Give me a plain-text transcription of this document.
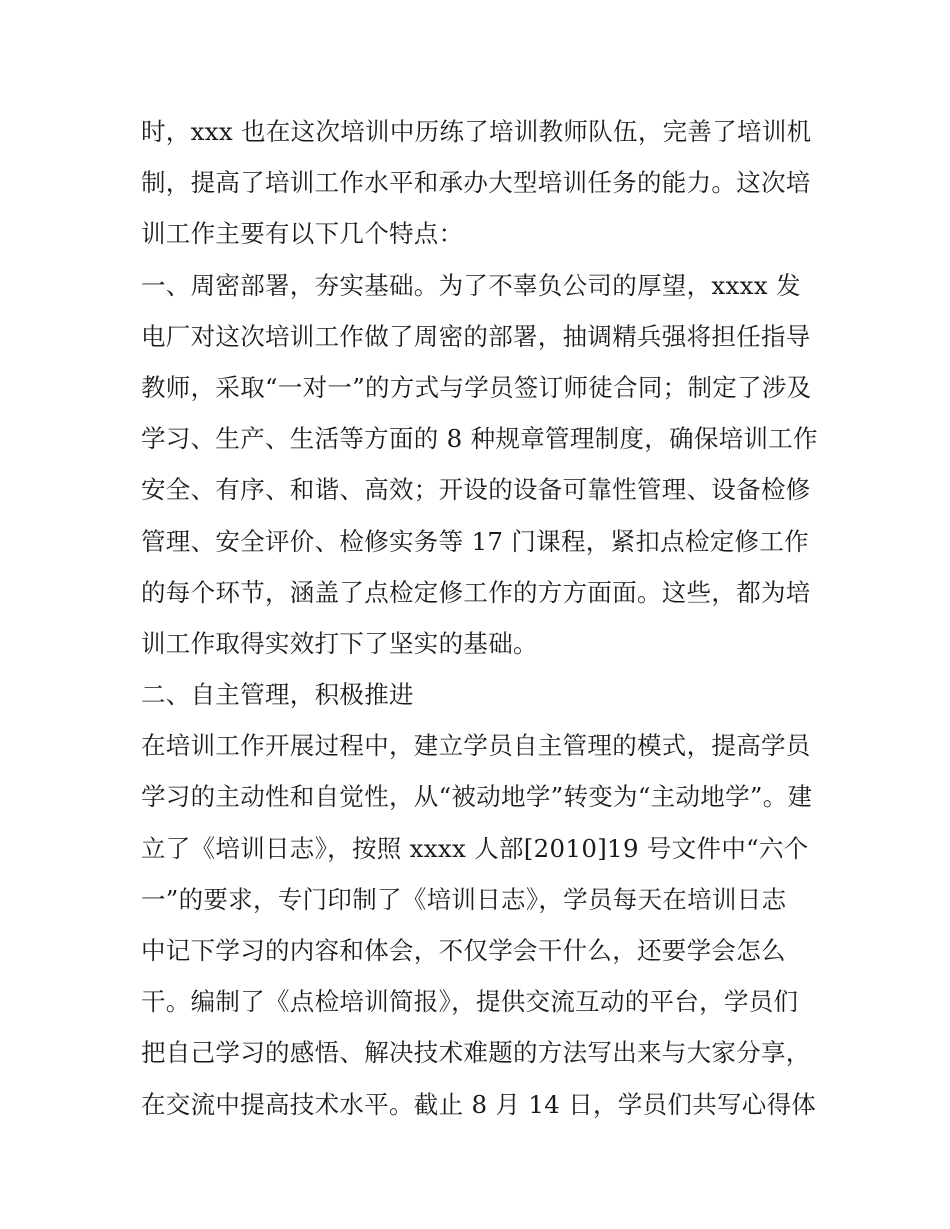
时，xxx 也在这次培训中历练了培训教师队伍，完善了培训机
制，提高了培训工作水平和承办大型培训任务的能力。这次培
训工作主要有以下几个特点：
一、周密部署，夯实基础。为了不辜负公司的厚望，xxxx 发
电厂对这次培训工作做了周密的部署，抽调精兵强将担任指导
教师，采取“一对一”的方式与学员签订师徒合同；制定了涉及
学习、生产、生活等方面的 8 种规章管理制度，确保培训工作
安全、有序、和谐、高效；开设的设备可靠性管理、设备检修
管理、安全评价、检修实务等 17 门课程，紧扣点检定修工作
的每个环节，涵盖了点检定修工作的方方面面。这些，都为培
训工作取得实效打下了坚实的基础。
二、自主管理，积极推进
在培训工作开展过程中，建立学员自主管理的模式，提高学员
学习的主动性和自觉性，从“被动地学”转变为“主动地学”。建
立了《培训日志》，按照 xxxx 人部[2010]19 号文件中“六个
一”的要求，专门印制了《培训日志》，学员每天在培训日志
中记下学习的内容和体会，不仅学会干什么，还要学会怎么
干。编制了《点检培训简报》，提供交流互动的平台，学员们
把自己学习的感悟、解决技术难题的方法写出来与大家分享，
在交流中提高技术水平。截止 8 月 14 日，学员们共写心得体
